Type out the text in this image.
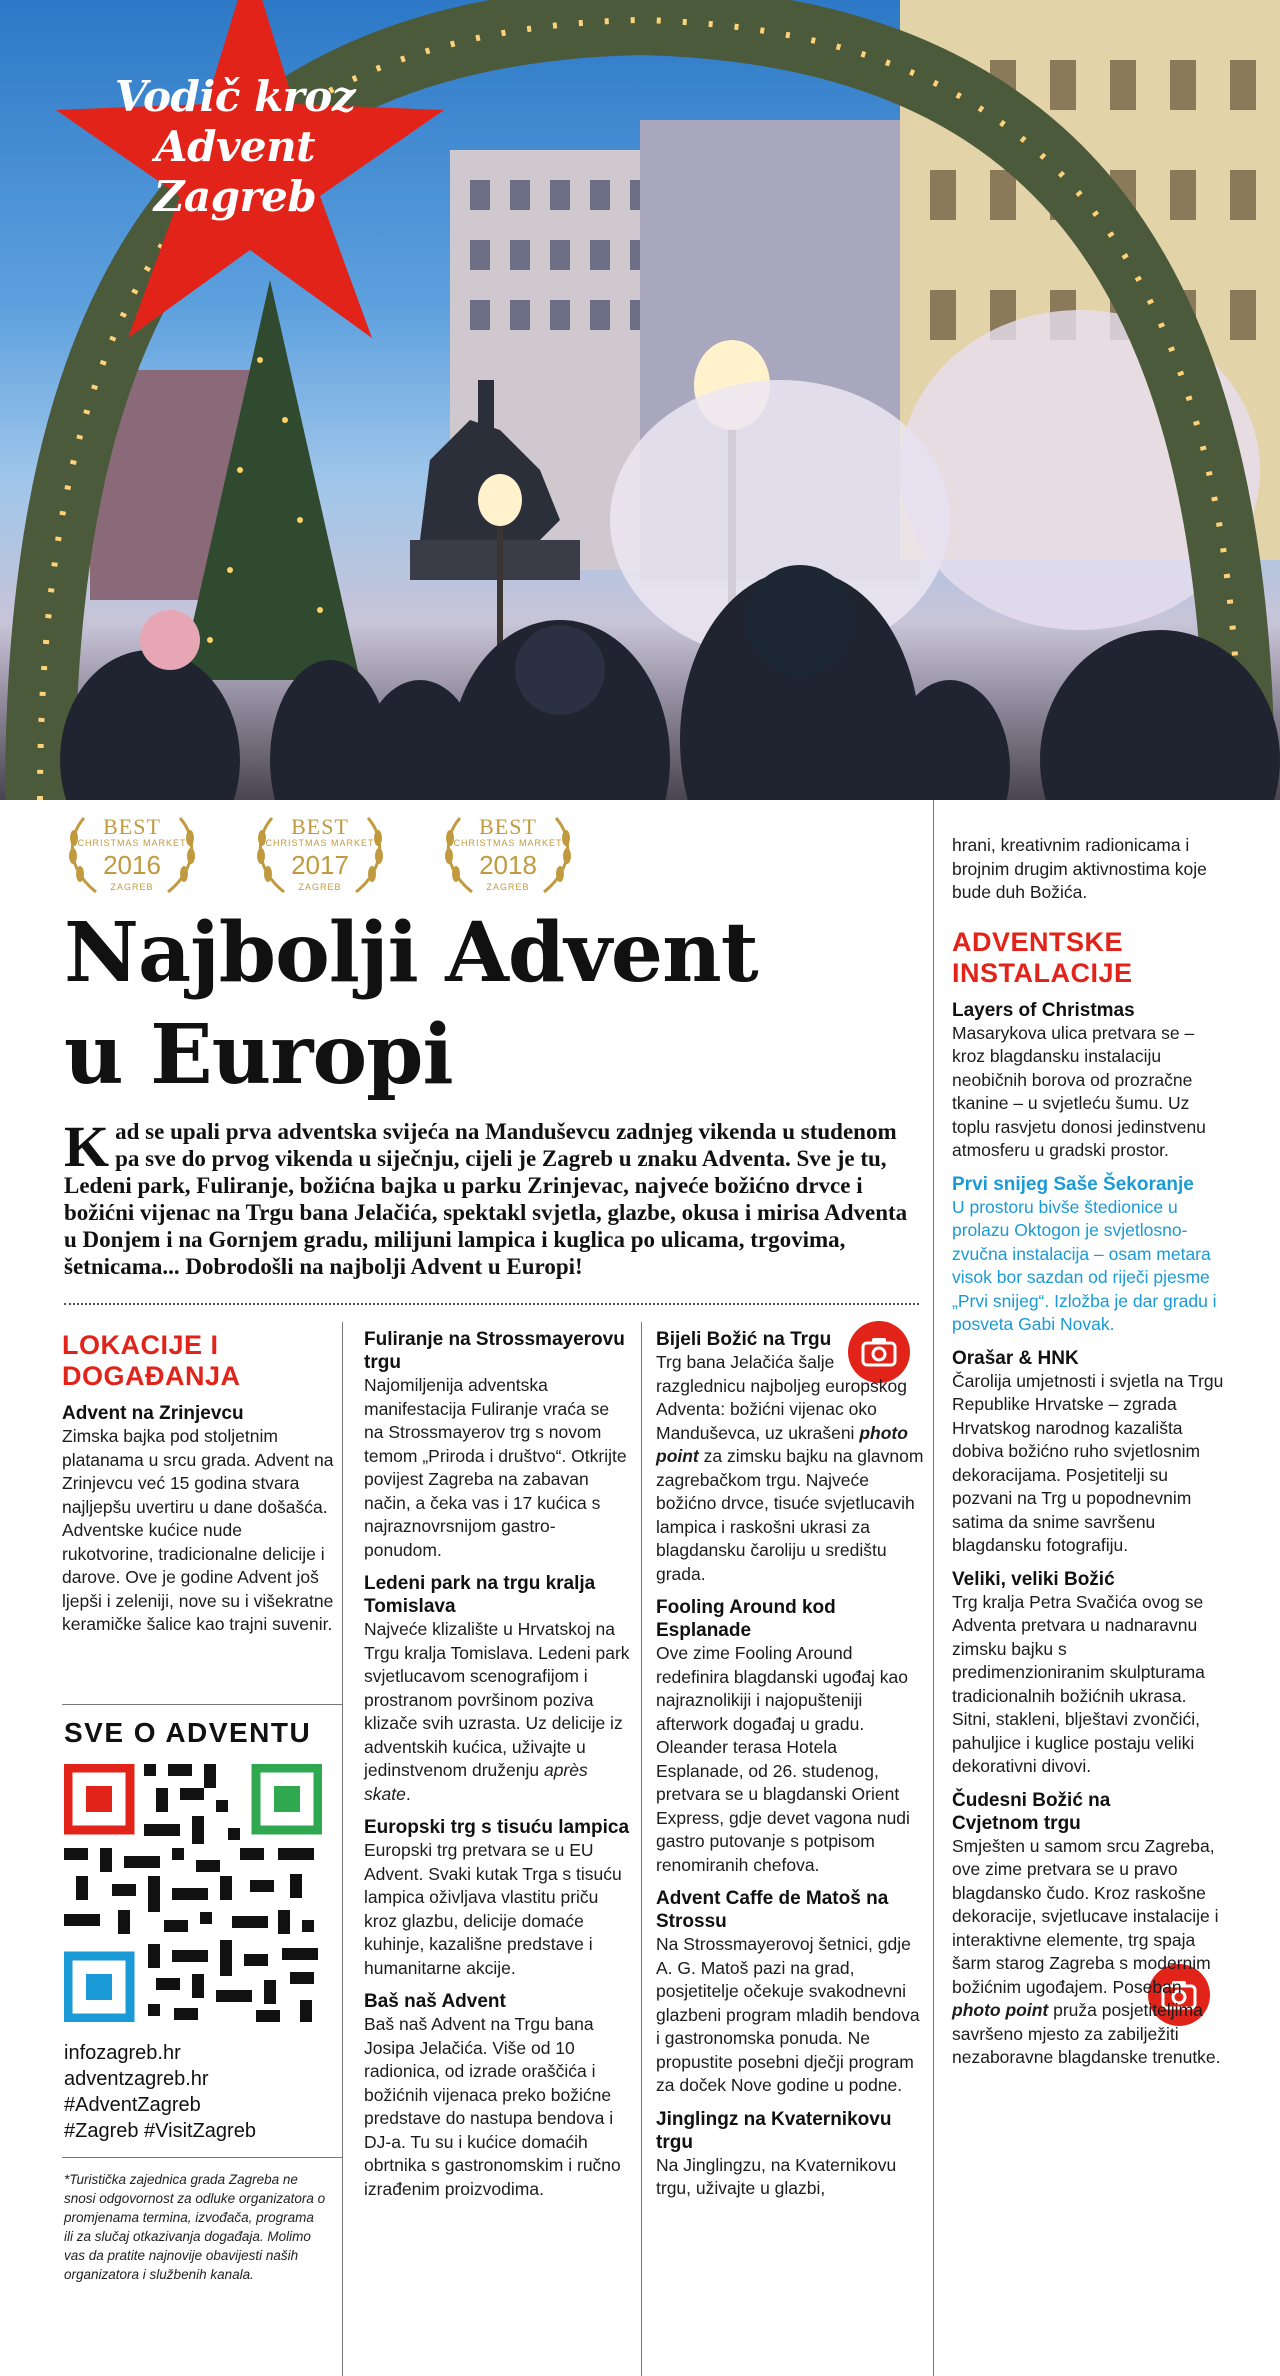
Vodič kroz
Advent
Zagreb
BEST
CHRISTMAS MARKET
2016
ZAGREB
BEST
CHRISTMAS MARKET
2017
ZAGREB
BEST
CHRISTMAS MARKET
2018
ZAGREB
Najbolji Advent
u Europi

Kad se upali prva adventska svijeća na Manduševcu zadnjeg vikenda u studenom pa sve do prvog vikenda u siječnju, cijeli je Zagreb u znaku Adventa. Sve je tu, Ledeni park, Fuliranje, božićna bajka u parku Zrinjevac, najveće božićno drvce i božićni vijenac na Trgu bana Jelačića, spektakl svjetla, glazbe, okusa i mirisa Adventa u Donjem i na Gornjem gradu, milijuni lampica i kuglica po ulicama, trgovima, šetnicama... Dobrodošli na najbolji Advent u Europi!

LOKACIJE I
DOGAĐANJA

Advent na Zrinjevcu

Zimska bajka pod stoljetnim platanama u srcu grada. Advent na Zrinjevcu već 15 godina stvara najljepšu uvertiru u dane došašća. Adventske kućice nude rukotvorine, tradicionalne delicije i darove. Ove je godine Advent još ljepši i zeleniji, nove su i višekratne keramičke šalice kao trajni suvenir.

SVE O ADVENTU
infozagreb.hr
adventzagreb.hr
#AdventZagreb
#Zagreb #VisitZagreb
*Turistička zajednica grada Zagreba ne snosi odgovornost za odluke organizatora o promjenama termina, izvođača, programa ili za slučaj otkazivanja događaja. Molimo vas da pratite najnovije obavijesti naših organizatora i službenih kanala.

Fuliranje na Strossmayerovu trgu

Najomiljenija adventska manifestacija Fuliranje vraća se na Strossmayerov trg s novom temom „Priroda i društvo“. Otkrijte povijest Zagreba na zabavan način, a čeka vas i 17 kućica s najraznovrsnijom gastro-ponudom.

Ledeni park na trgu kralja Tomislava

Najveće klizalište u Hrvatskoj na Trgu kralja Tomislava. Ledeni park svjetlucavom scenografijom i prostranom površinom poziva klizače svih uzrasta. Uz delicije iz adventskih kućica, uživajte u jedinstvenom druženju après skate.

Europski trg s tisuću lampica

Europski trg pretvara se u EU Advent. Svaki kutak Trga s tisuću lampica oživljava vlastitu priču kroz glazbu, delicije domaće kuhinje, kazališne predstave i humanitarne akcije.

Baš naš Advent

Baš naš Advent na Trgu bana Josipa Jelačića. Više od 10 radionica, od izrade oraščića i božićnih vijenaca preko božićne predstave do nastupa bendova i DJ-a. Tu su i kućice domaćih obrtnika s gastronomskim i ručno izrađenim proizvodima.

Bijeli Božić na Trgu

Trg bana Jelačića šalje razglednicu najboljeg europskog Adventa: božićni vijenac oko Manduševca, uz ukrašeni photo point za zimsku bajku na glavnom zagrebačkom trgu. Najveće božićno drvce, tisuće svjetlucavih lampica i raskošni ukrasi za blagdansku čaroliju u središtu grada.

Fooling Around kod Esplanade

Ove zime Fooling Around redefinira blagdanski ugođaj kao najraznolikiji i najopušteniji afterwork događaj u gradu. Oleander terasa Hotela Esplanade, od 26. studenog, pretvara se u blagdanski Orient Express, gdje devet vagona nudi gastro putovanje s potpisom renomiranih chefova.

Advent Caffe de Matoš na Strossu

Na Strossmayerovoj šetnici, gdje A. G. Matoš pazi na grad, posjetitelje očekuje svakodnevni glazbeni program mladih bendova i gastronomska ponuda. Ne propustite posebni dječji program za doček Nove godine u podne.

Jinglingz na Kvaternikovu trgu

Na Jinglingzu, na Kvaternikovu trgu, uživajte u glazbi,

hrani, kreativnim radionicama i brojnim drugim aktivnostima koje bude duh Božića.

ADVENTSKE
INSTALACIJE

Layers of Christmas

Masarykova ulica pretvara se – kroz blagdansku instalaciju neobičnih borova od prozračne tkanine – u svjetleću šumu. Uz toplu rasvjetu donosi jedinstvenu atmosferu u gradski prostor.

Prvi snijeg Saše Šekoranje

U prostoru bivše štedionice u prolazu Oktogon je svjetlosno-zvučna instalacija – osam metara visok bor sazdan od riječi pjesme „Prvi snijeg“. Izložba je dar gradu i posveta Gabi Novak.

Orašar & HNK

Čarolija umjetnosti i svjetla na Trgu Republike Hrvatske – zgrada Hrvatskog narodnog kazališta dobiva božićno ruho svjetlosnim dekoracijama. Posjetitelji su pozvani na Trg u popodnevnim satima da snime savršenu blagdansku fotografiju.

Veliki, veliki Božić

Trg kralja Petra Svačića ovog se Adventa pretvara u nadnaravnu zimsku bajku s predimenzioniranim skulpturama tradicionalnih božićnih ukrasa. Sitni, stakleni, blještavi zvončići, pahuljice i kuglice postaju veliki dekorativni divovi.

Čudesni Božić na Cvjetnom trgu

Smješten u samom srcu Zagreba, ove zime pretvara se u pravo blagdansko čudo. Kroz raskošne dekoracije, svjetlucave instalacije i interaktivne elemente, trg spaja šarm starog Zagreba s modernim božićnim ugođajem. Poseban photo point pruža posjetiteljima savršeno mjesto za zabilježiti nezaboravne blagdanske trenutke.
